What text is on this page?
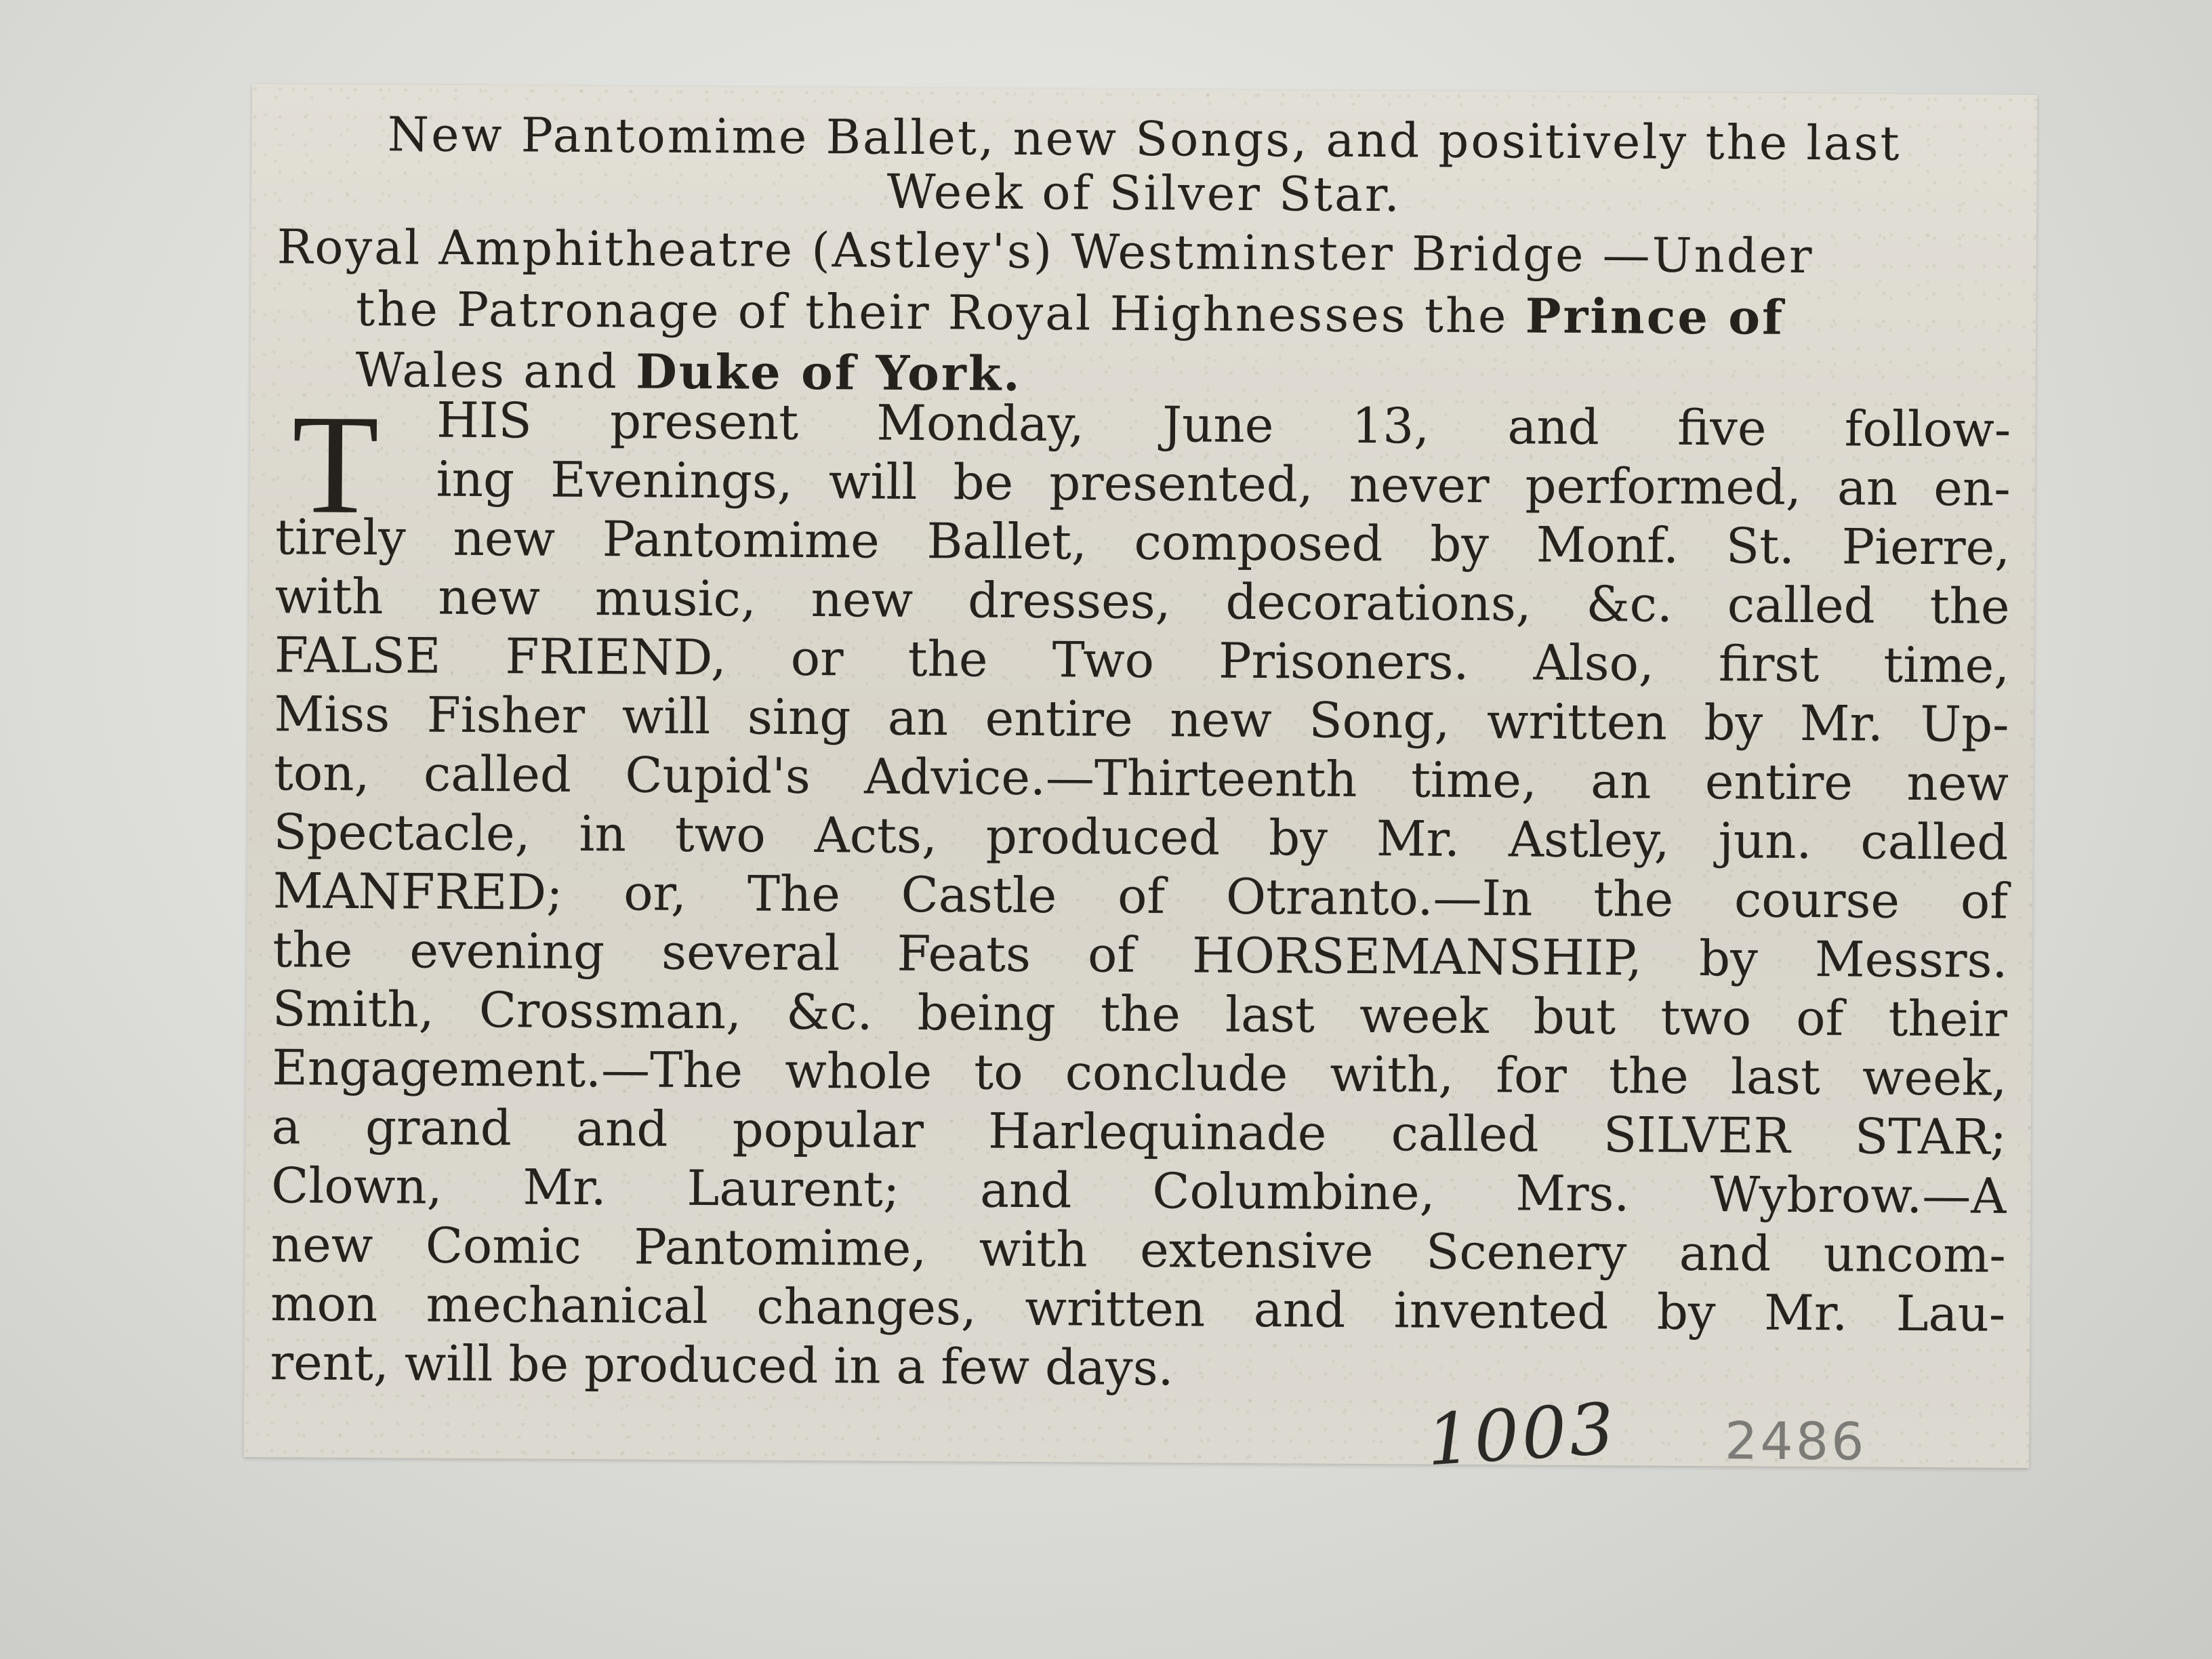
New Pantomime Ballet, new Songs, and positively the last
Week of Silver Star.
Royal Amphitheatre (Astley's) Westminster Bridge —Under
the Patronage of their Royal Highnesses the Prince of
Wales and Duke of York.
T HIS present Monday, June 13, and five follow-
ing Evenings, will be presented, never performed, an en-
tirely new Pantomime Ballet, composed by Monf. St. Pierre,
with new music, new dresses, decorations, &c. called the
FALSE FRIEND, or the Two Prisoners. Also, first time,
Miss Fisher will sing an entire new Song, written by Mr. Up-
ton, called Cupid's Advice.—Thirteenth time, an entire new
Spectacle, in two Acts, produced by Mr. Astley, jun. called
MANFRED; or, The Castle of Otranto.—In the course of
the evening several Feats of HORSEMANSHIP, by Messrs.
Smith, Crossman, &c. being the last week but two of their
Engagement.—The whole to conclude with, for the last week,
a grand and popular Harlequinade called SILVER STAR;
Clown, Mr. Laurent; and Columbine, Mrs. Wybrow.—A
new Comic Pantomime, with extensive Scenery and uncom-
mon mechanical changes, written and invented by Mr. Lau-
rent, will be produced in a few days.
1003 2486
